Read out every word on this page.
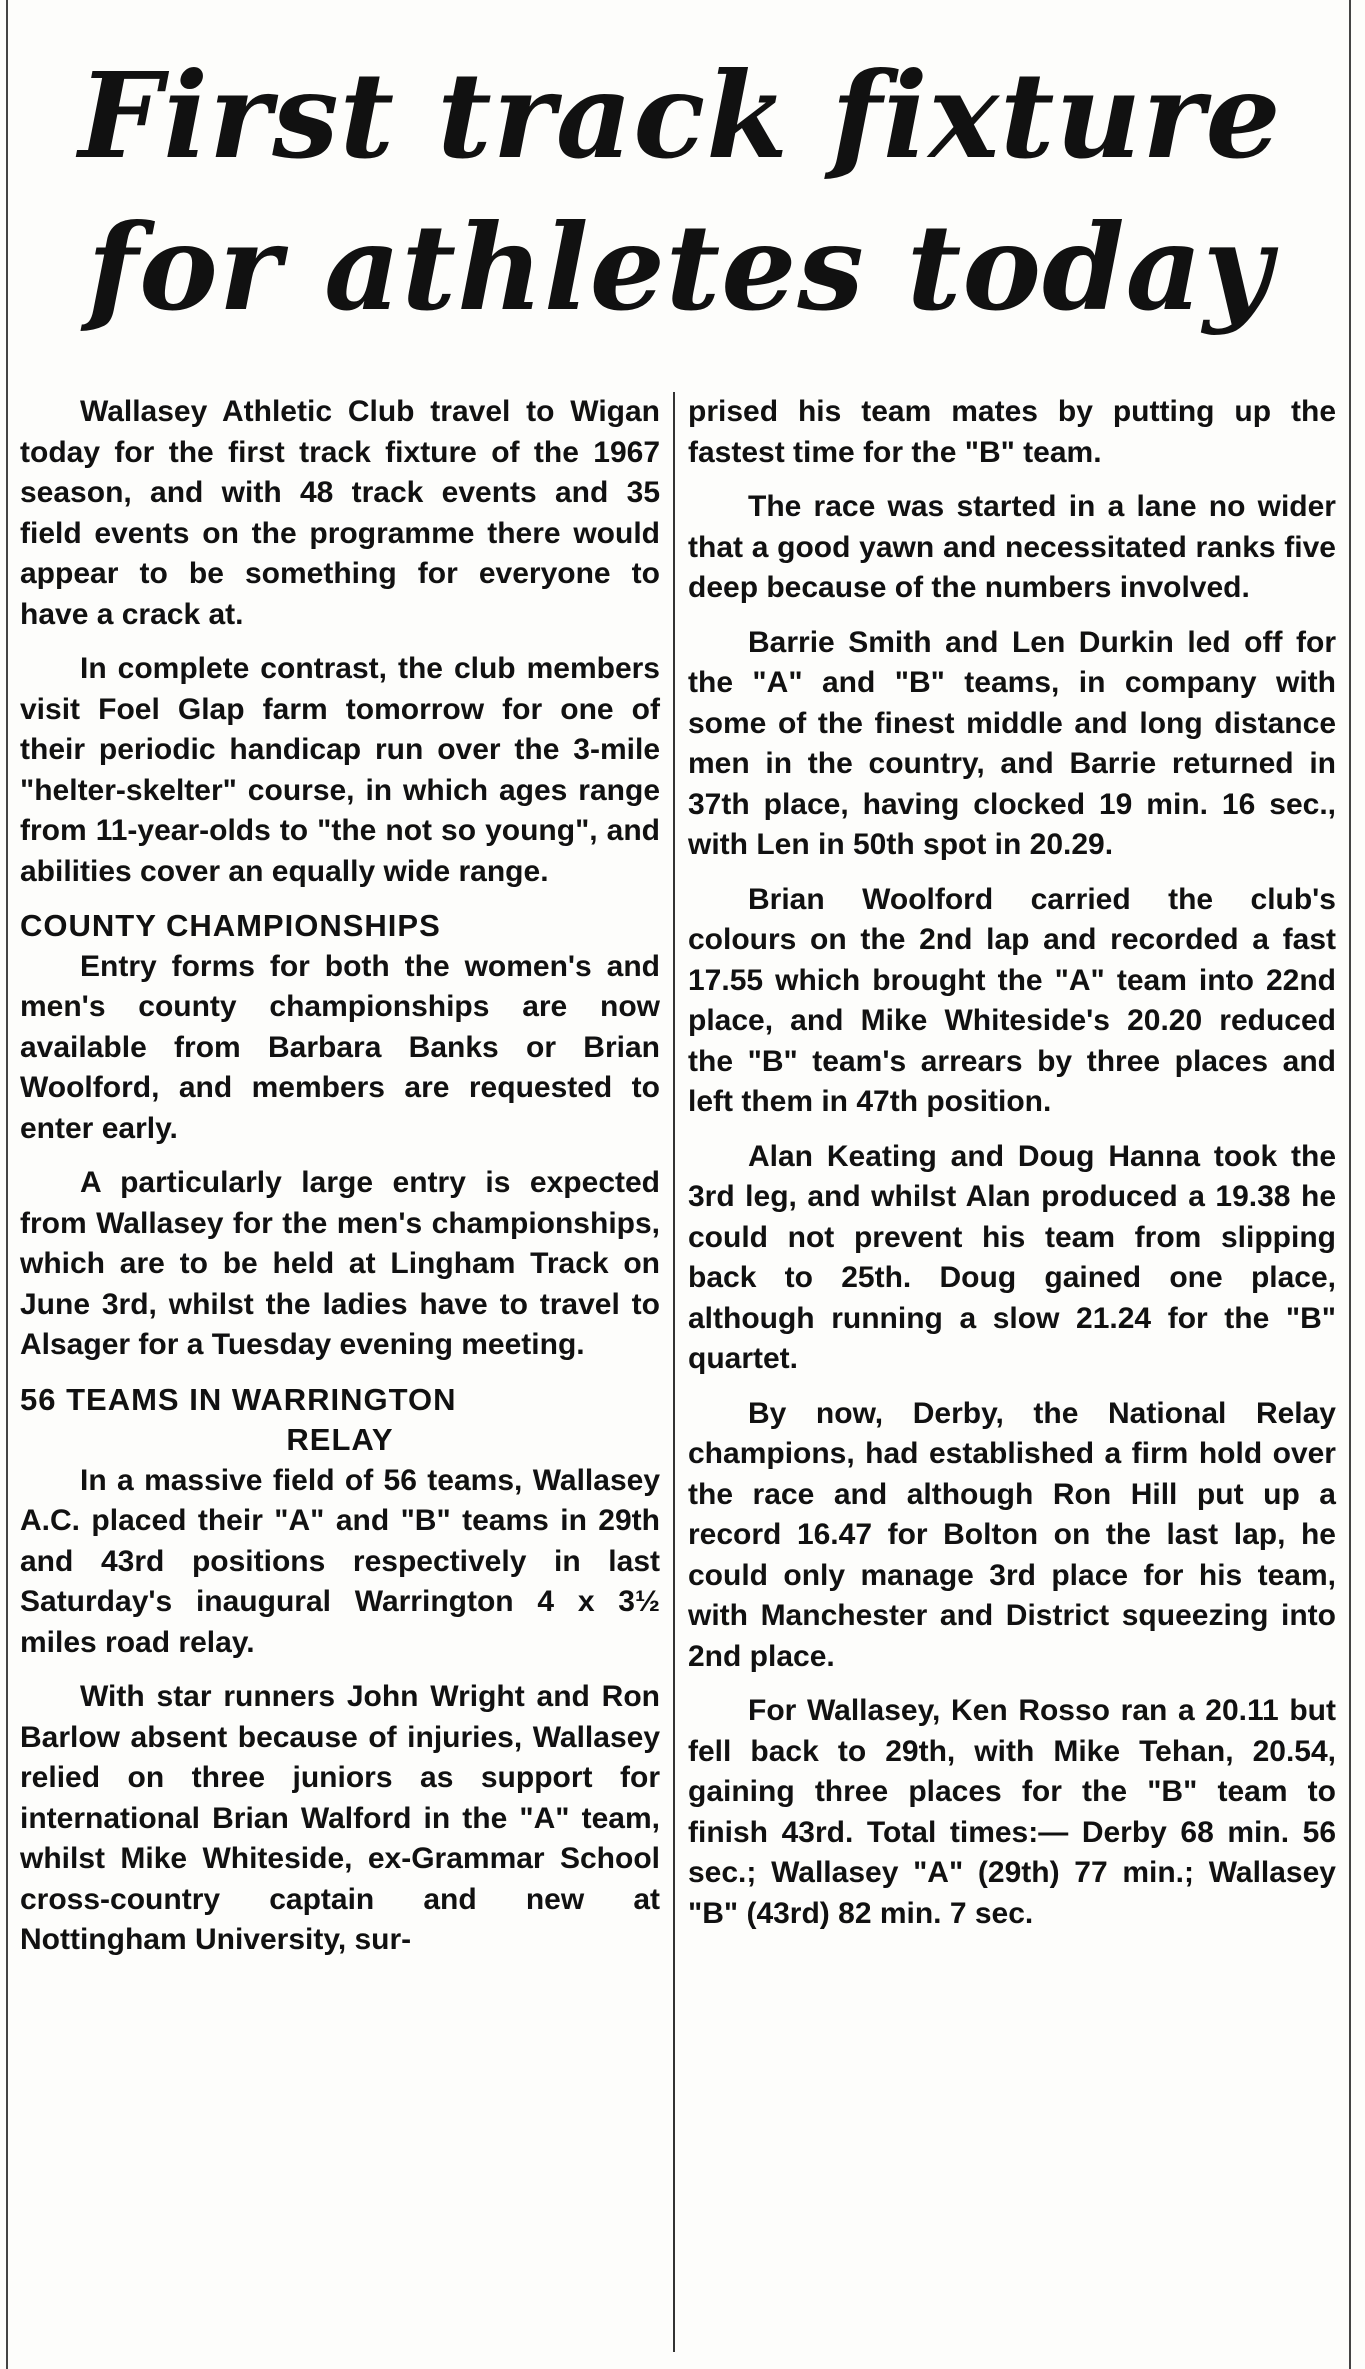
First track fixture
for athletes today

Wallasey Athletic Club travel to Wigan today for the first track fixture of the 1967 season, and with 48 track events and 35 field events on the programme there would appear to be something for everyone to have a crack at.

In complete contrast, the club members visit Foel Glap farm tomorrow for one of their periodic handicap run over the 3-mile "helter-skelter" course, in which ages range from 11-year-olds to "the not so young", and abilities cover an equally wide range.

COUNTY CHAMPIONSHIPS

Entry forms for both the women's and men's county championships are now available from Barbara Banks or Brian Woolford, and members are requested to enter early.

A particularly large entry is expected from Wallasey for the men's championships, which are to be held at Lingham Track on June 3rd, whilst the ladies have to travel to Alsager for a Tuesday evening meeting.

56 TEAMS IN WARRINGTON
RELAY

In a massive field of 56 teams, Wallasey A.C. placed their "A" and "B" teams in 29th and 43rd positions respectively in last Saturday's inaugural Warrington 4 x 3½ miles road relay.

With star runners John Wright and Ron Barlow absent because of injuries, Wallasey relied on three juniors as support for international Brian Walford in the "A" team, whilst Mike Whiteside, ex-Grammar School cross-country captain and new at Nottingham University, sur-

prised his team mates by putting up the fastest time for the "B" team.

The race was started in a lane no wider that a good yawn and necessitated ranks five deep because of the numbers involved.

Barrie Smith and Len Durkin led off for the "A" and "B" teams, in company with some of the finest middle and long distance men in the country, and Barrie returned in 37th place, having clocked 19 min. 16 sec., with Len in 50th spot in 20.29.

Brian Woolford carried the club's colours on the 2nd lap and recorded a fast 17.55 which brought the "A" team into 22nd place, and Mike Whiteside's 20.20 reduced the "B" team's arrears by three places and left them in 47th position.

Alan Keating and Doug Hanna took the 3rd leg, and whilst Alan produced a 19.38 he could not prevent his team from slipping back to 25th. Doug gained one place, although running a slow 21.24 for the "B" quartet.

By now, Derby, the National Relay champions, had established a firm hold over the race and although Ron Hill put up a record 16.47 for Bolton on the last lap, he could only manage 3rd place for his team, with Manchester and District squeezing into 2nd place.

For Wallasey, Ken Rosso ran a 20.11 but fell back to 29th, with Mike Tehan, 20.54, gaining three places for the "B" team to finish 43rd. Total times:— Derby 68 min. 56 sec.; Wallasey "A" (29th) 77 min.; Wallasey "B" (43rd) 82 min. 7 sec.
